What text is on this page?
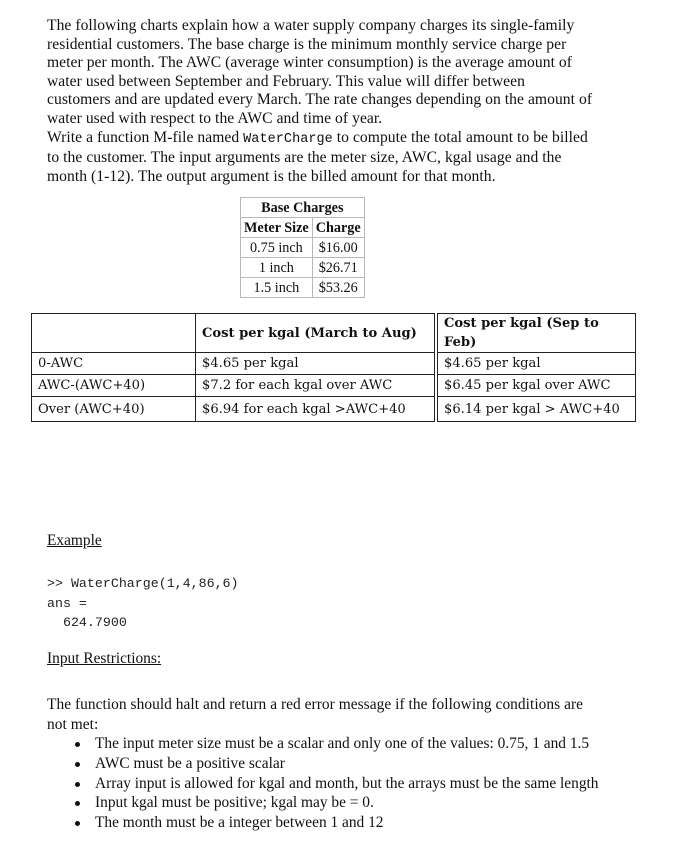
The following charts explain how a water supply company charges its single-family

residential customers. The base charge is the minimum monthly service charge per

meter per month. The AWC (average winter consumption) is the average amount of

water used between September and February. This value will differ between

customers and are updated every March. The rate changes depending on the amount of

water used with respect to the AWC and time of year.

Write a function M-file named WaterCharge to compute the total amount to be billed

to the customer. The input arguments are the meter size, AWC, kgal usage and the

month (1-12). The output argument is the billed amount for that month.

Base Charges	
Meter Size	Charge
0.75 inch	$16.00
1 inch	$26.71
1.5 inch	$53.26
	Cost per kgal (March to Aug)		Cost per kgal (Sep to Feb)
0-AWC	$4.65 per kgal		$4.65 per kgal
AWC-(AWC+40)	$7.2 for each kgal over AWC		$6.45 per kgal over AWC
Over (AWC+40)	$6.94 for each kgal >AWC+40		$6.14 per kgal > AWC+40
Example
>> WaterCharge(1,4,86,6)
ans =
624.7900
Input Restrictions:

The function should halt and return a red error message if the following conditions are

not met:

The input meter size must be a scalar and only one of the values: 0.75, 1 and 1.5
AWC must be a positive scalar
Array input is allowed for kgal and month, but the arrays must be the same length
Input kgal must be positive; kgal may be = 0.
The month must be a integer between 1 and 12
